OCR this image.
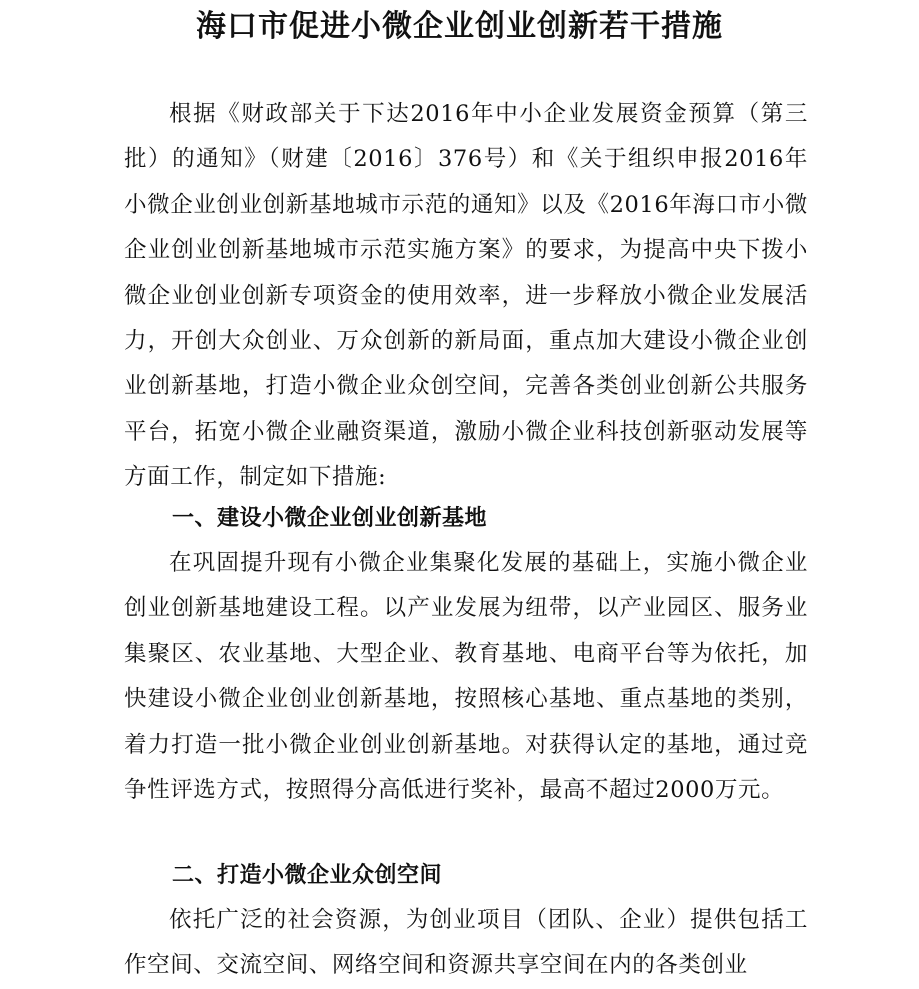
海口市促进小微企业创业创新若干措施

根据《财政部关于下达2016年中小企业发展资金预算（第三批）的通知》（财建〔2016〕376号）和《关于组织申报2016年小微企业创业创新基地城市示范的通知》以及《2016年海口市小微企业创业创新基地城市示范实施方案》的要求，为提高中央下拨小微企业创业创新专项资金的使用效率，进一步释放小微企业发展活力，开创大众创业、万众创新的新局面，重点加大建设小微企业创业创新基地，打造小微企业众创空间，完善各类创业创新公共服务平台，拓宽小微企业融资渠道，激励小微企业科技创新驱动发展等方面工作，制定如下措施:

一、建设小微企业创业创新基地

在巩固提升现有小微企业集聚化发展的基础上，实施小微企业创业创新基地建设工程。以产业发展为纽带，以产业园区、服务业集聚区、农业基地、大型企业、教育基地、电商平台等为依托，加快建设小微企业创业创新基地，按照核心基地、重点基地的类别，着力打造一批小微企业创业创新基地。对获得认定的基地，通过竞争性评选方式，按照得分高低进行奖补，最高不超过2000万元。

二、打造小微企业众创空间

依托广泛的社会资源，为创业项目（团队、企业）提供包括工作空间、交流空间、网络空间和资源共享空间在内的各类创业
